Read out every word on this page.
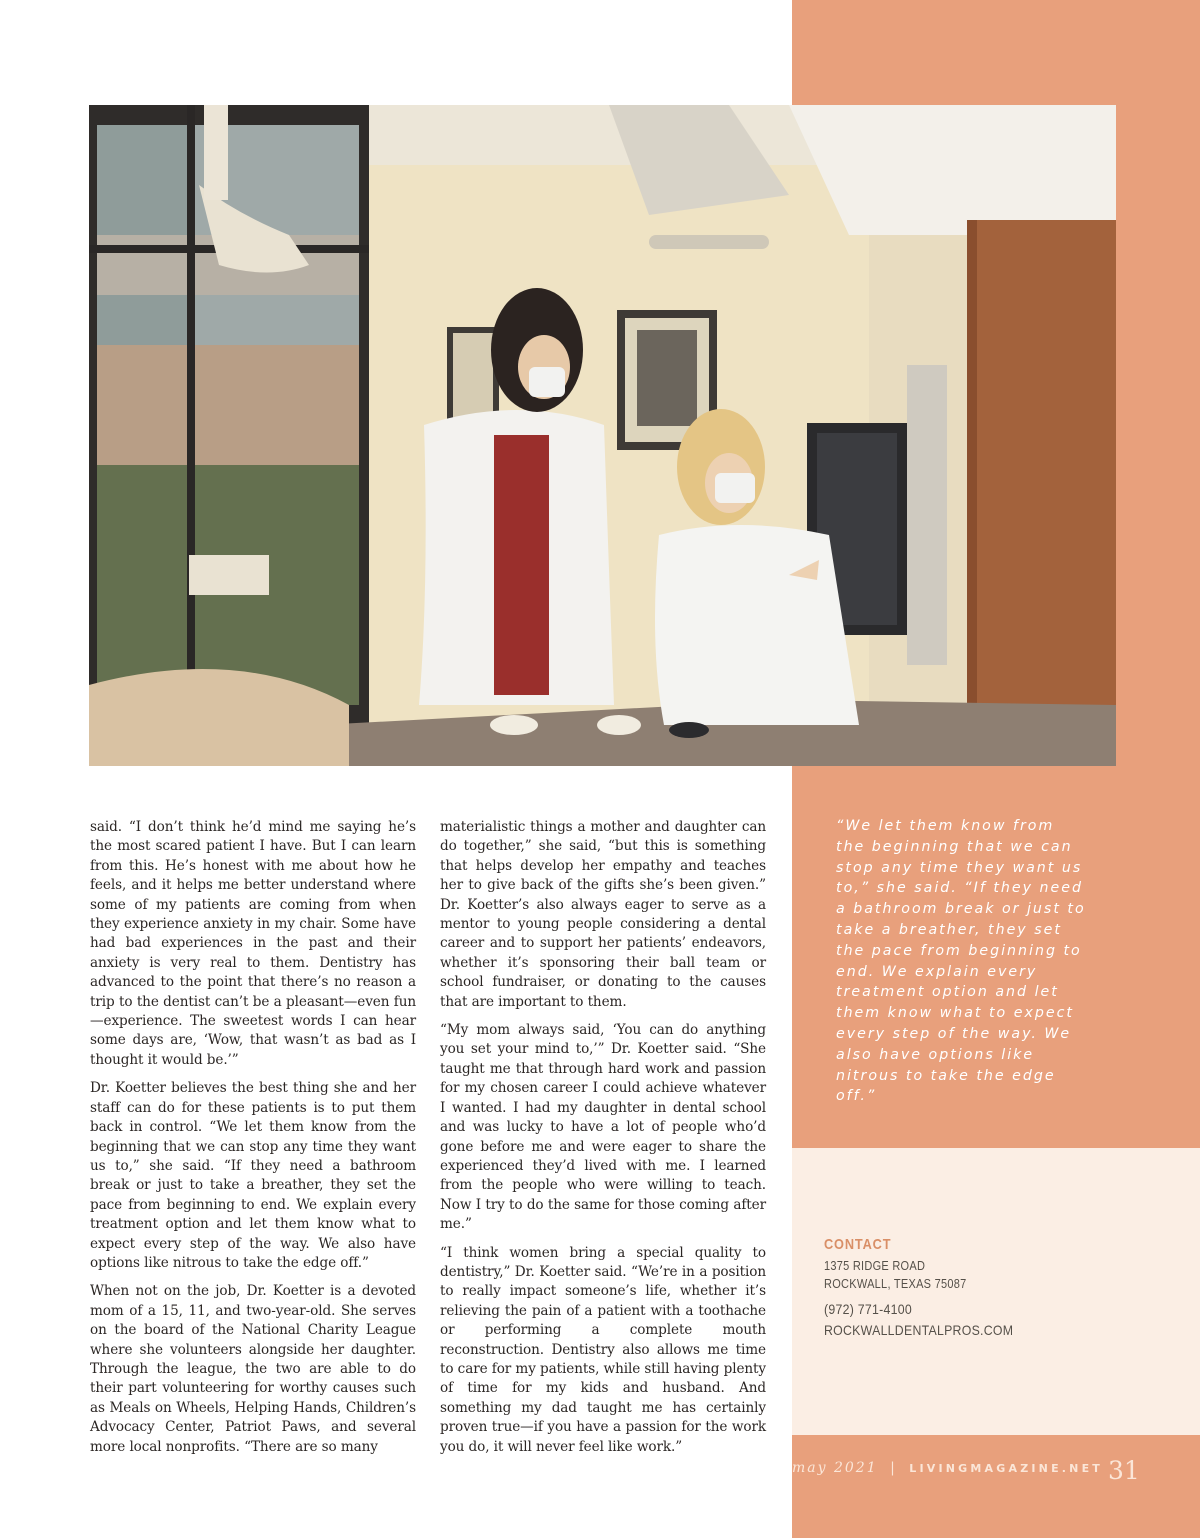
said. “I don’t think he’d mind me saying he’s the most scared patient I have. But I can learn from this. He’s honest with me about how he feels, and it helps me better understand where some of my patients are coming from when they experience anxiety in my chair. Some have had bad experiences in the past and their anxiety is very real to them. Dentistry has advanced to the point that there’s no reason a trip to the dentist can’t be a pleasant—even fun—experience. The sweetest words I can hear some days are, ‘Wow, that wasn’t as bad as I thought it would be.’”

Dr. Koetter believes the best thing she and her staff can do for these patients is to put them back in control. “We let them know from the beginning that we can stop any time they want us to,” she said. “If they need a bathroom break or just to take a breather, they set the pace from beginning to end. We explain every treatment option and let them know what to expect every step of the way. We also have options like nitrous to take the edge off.”

When not on the job, Dr. Koetter is a devoted mom of a 15, 11, and two-year-old. She serves on the board of the National Charity League where she volunteers alongside her daughter. Through the league, the two are able to do their part volunteering for worthy causes such as Meals on Wheels, Helping Hands, Children’s Advocacy Center, Patriot Paws, and several more local nonprofits. “There are so many

materialistic things a mother and daughter can do together,” she said, “but this is something that helps develop her empathy and teaches her to give back of the gifts she’s been given.” Dr. Koetter’s also always eager to serve as a mentor to young people considering a dental career and to support her patients’ endeavors, whether it’s sponsoring their ball team or school fundraiser, or donating to the causes that are important to them.

“My mom always said, ‘You can do anything you set your mind to,’” Dr. Koetter said. “She taught me that through hard work and passion for my chosen career I could achieve whatever I wanted. I had my daughter in dental school and was lucky to have a lot of people who’d gone before me and were eager to share the experienced they’d lived with me. I learned from the people who were willing to teach. Now I try to do the same for those coming after me.”

“I think women bring a special quality to dentistry,” Dr. Koetter said. “We’re in a position to really impact someone’s life, whether it’s relieving the pain of a patient with a toothache or performing a complete mouth reconstruction. Dentistry also allows me time to care for my patients, while still having plenty of time for my kids and husband. And something my dad taught me has certainly proven true—if you have a passion for the work you do, it will never feel like work.”

“We let them know from the beginning that we can stop any time they want us to,” she said. “If they need a bathroom break or just to take a breather, they set the pace from beginning to end. We explain every treatment option and let them know what to expect every step of the way. We also have options like nitrous to take the edge off.”
CONTACT
1375 RIDGE ROAD
ROCKWALL, TEXAS 75087
(972) 771-4100
ROCKWALLDENTALPROS.COM
may 2021 | LIVINGMAGAZINE.NET 31
